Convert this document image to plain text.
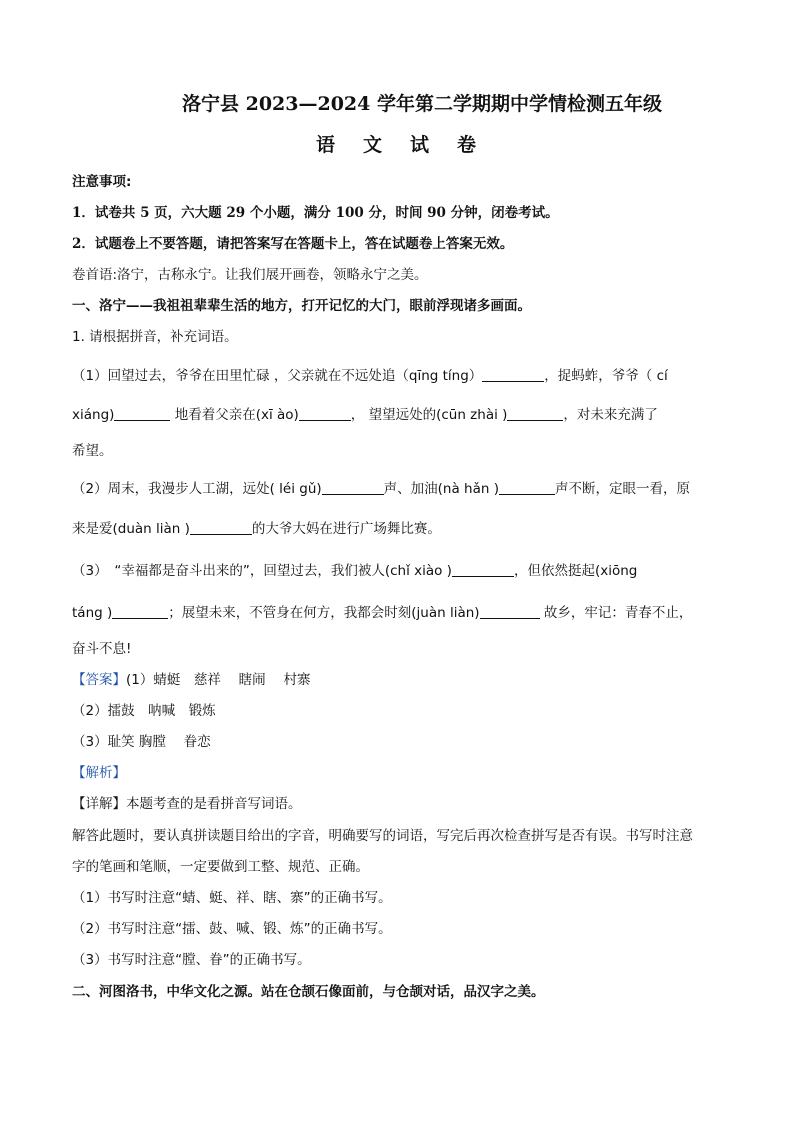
洛宁县 2023—2024 学年第二学期期中学情检测五年级
语文试卷
注意事项:
1．试卷共 5 页，六大题 29 个小题，满分 100 分，时间 90 分钟，闭卷考试。
2．试题卷上不要答题，请把答案写在答题卡上，答在试题卷上答案无效。
卷首语:洛宁，古称永宁。让我们展开画卷，领略永宁之美。
一、洛宁——我祖祖辈辈生活的地方，打开记忆的大门，眼前浮现诸多画面。
1. 请根据拼音，补充词语。
（1）回望过去，爷爷在田里忙碌 ，父亲就在不远处追（qīng tíng）	，捉蚂蚱，爷爷（ cí
xiáng)	地看着父亲在(xī ào)	， 望望远处的(cūn zhài )	，对未来充满了
希望。
（2）周末，我漫步人工湖，远处( léi gǔ)	声、加油(nà hǎn )	声不断，定眼一看，原
来是爱(duàn liàn )	的大爷大妈在进行广场舞比赛。
（3）　“幸福都是奋斗出来的”，回望过去，我们被人(chǐ xiào )	，但依然挺起(xiōng
táng )	；展望未来，不管身在何方，我都会时刻(juàn liàn)	故乡，牢记：青春不止，
奋斗不息!
【答案】(1）蜻蜓　慈祥　 瞎闹　 村寨
（2）擂鼓　呐喊　锻炼
（3）耻笑 胸膛　 眷恋
【解析】
【详解】本题考查的是看拼音写词语。
解答此题时，要认真拼读题目给出的字音，明确要写的词语，写完后再次检查拼写是否有误。书写时注意
字的笔画和笔顺，一定要做到工整、规范、正确。
（1）书写时注意“蜻、蜓、祥、瞎、寨”的正确书写。
（2）书写时注意“擂、鼓、喊、锻、炼”的正确书写。
（3）书写时注意“膛、眷”的正确书写。
二、河图洛书，中华文化之源。站在仓颉石像面前，与仓颉对话，品汉字之美。
